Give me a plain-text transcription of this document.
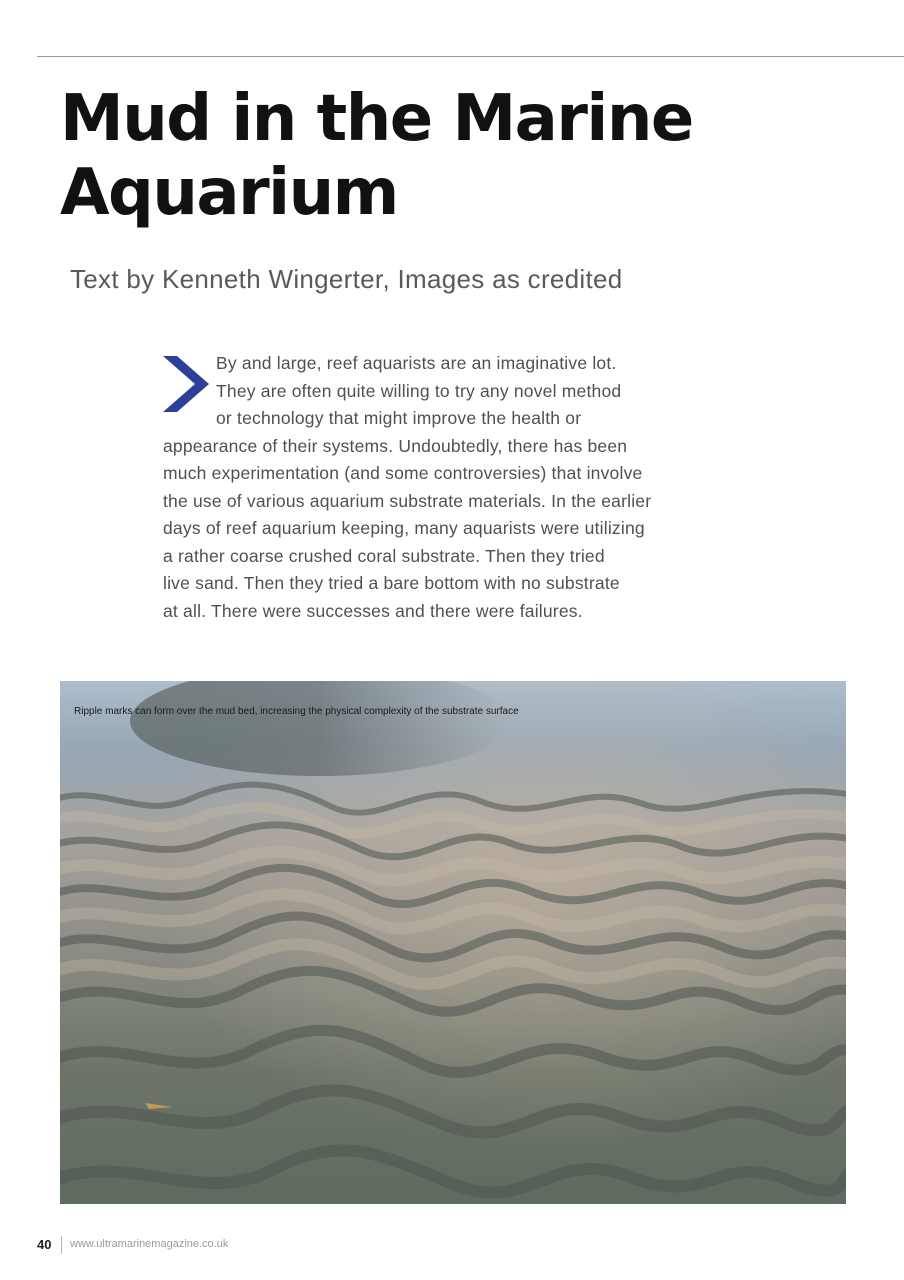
Mud in the Marine
Aquarium
Text by Kenneth Wingerter, Images as credited
By and large, reef aquarists are an imaginative lot.
They are often quite willing to try any novel method
or technology that might improve the health or
appearance of their systems. Undoubtedly, there has been
much experimentation (and some controversies) that involve
the use of various aquarium substrate materials. In the earlier
days of reef aquarium keeping, many aquarists were utilizing
a rather coarse crushed coral substrate. Then they tried
live sand. Then they tried a bare bottom with no substrate
at all. There were successes and there were failures.
Ripple marks can form over the mud bed, increasing the physical complexity of the substrate surface
40 www.ultramarinemagazine.co.uk
